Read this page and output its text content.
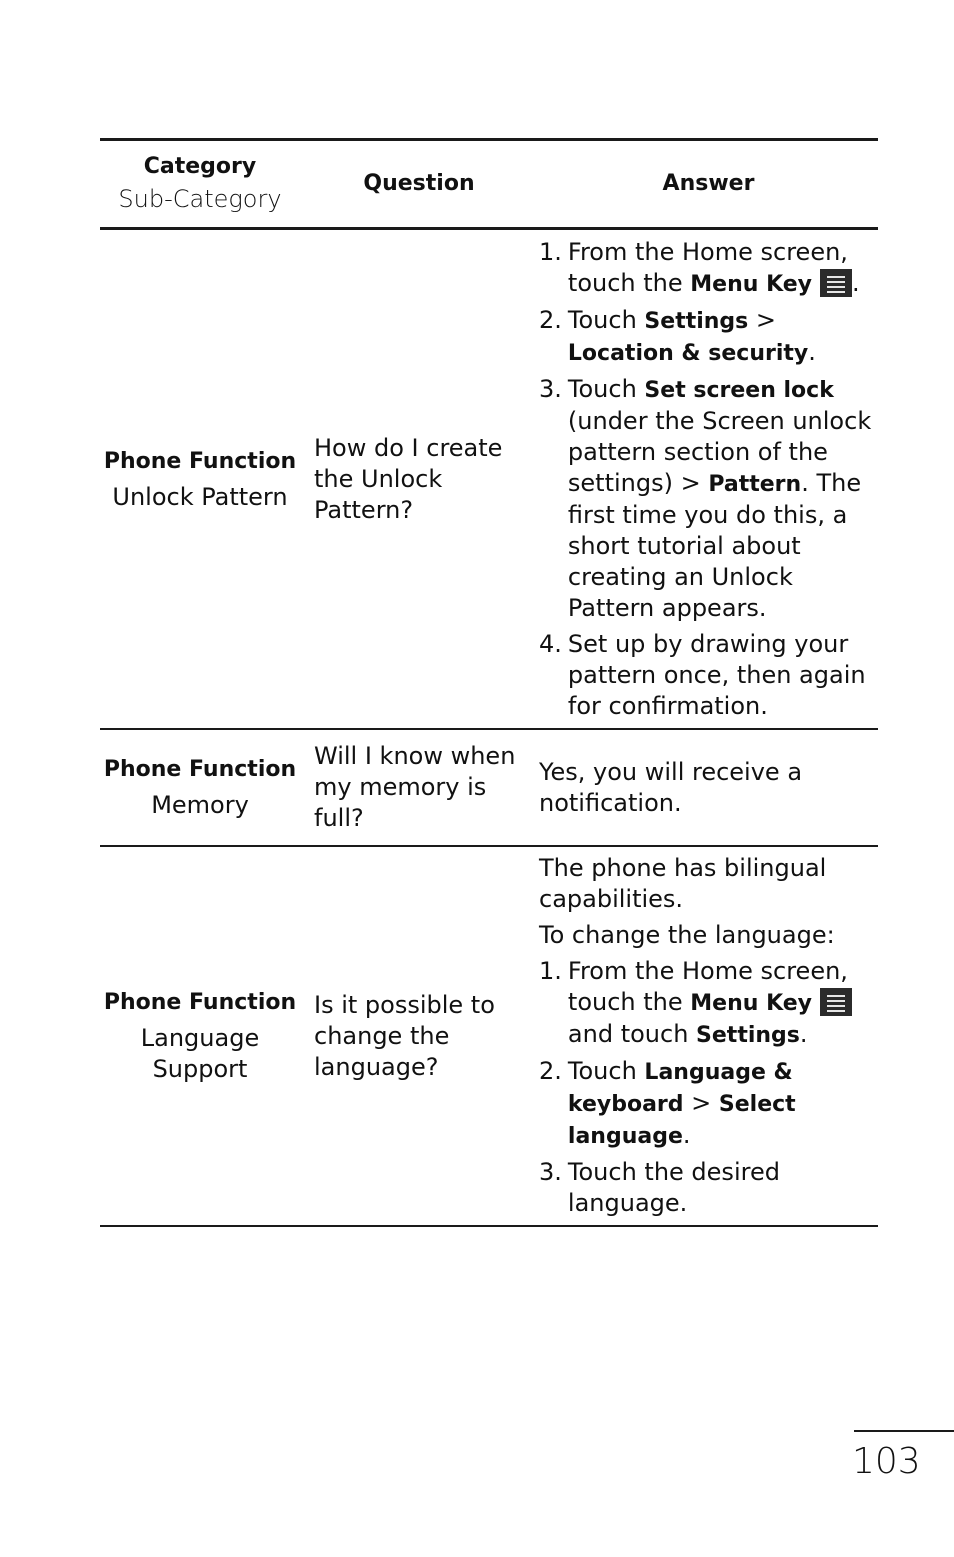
Category
Sub-Category
Question	Answer
Phone Function
Unlock Pattern
How do I create the Unlock Pattern?
1. From the Home screen, touch the Menu Key .
2. Touch Settings > Location & security.
3. Touch Set screen lock (under the Screen unlock pattern section of the settings) > Pattern. The first time you do this, a short tutorial about creating an Unlock Pattern appears.
4. Set up by drawing your pattern once, then again for confirmation.
Phone Function
Memory
Will I know when my memory is full?
Yes, you will receive a notification.
Phone Function
Language Support
Is it possible to change the language?

The phone has bilingual capabilities.

To change the language:

1. From the Home screen, touch the Menu Key
and touch Settings.
2. Touch Language & keyboard > Select language.
3. Touch the desired language.
103
